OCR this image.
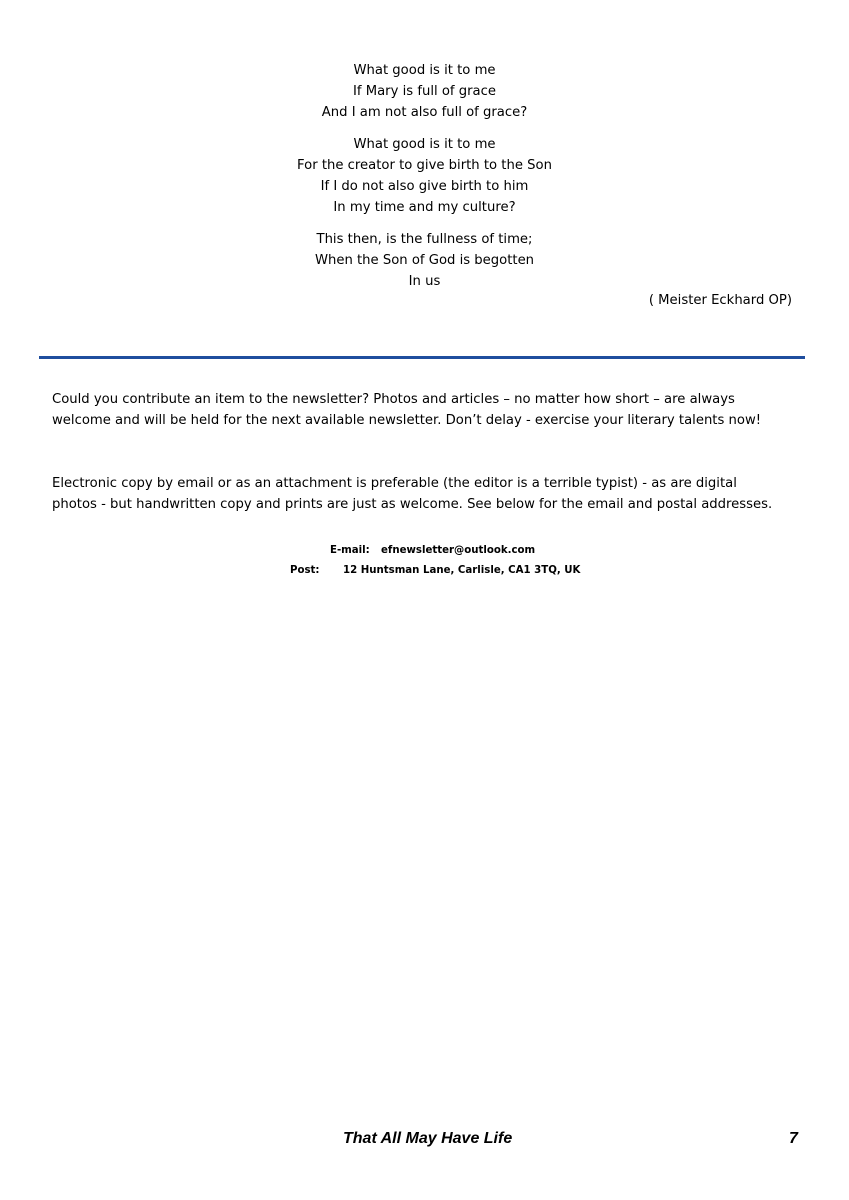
What good is it to me
If Mary is full of grace
And I am not also full of grace?
What good is it to me
For the creator to give birth to the Son
If I do not also give birth to him
In my time and my culture?
This then, is the fullness of time;
When the Son of God is begotten
In us
( Meister Eckhard OP)

Could you contribute an item to the newsletter? Photos and articles – no matter how short – are always welcome and will be held for the next available newsletter. Don’t delay - exercise your literary talents now!

Electronic copy by email or as an attachment is preferable (the editor is a terrible typist) - as are digital photos - but handwritten copy and prints are just as welcome. See below for the email and postal addresses.

E-mail: efnewsletter@outlook.com
Post: 12 Huntsman Lane, Carlisle, CA1 3TQ, UK
That All May Have Life	7
